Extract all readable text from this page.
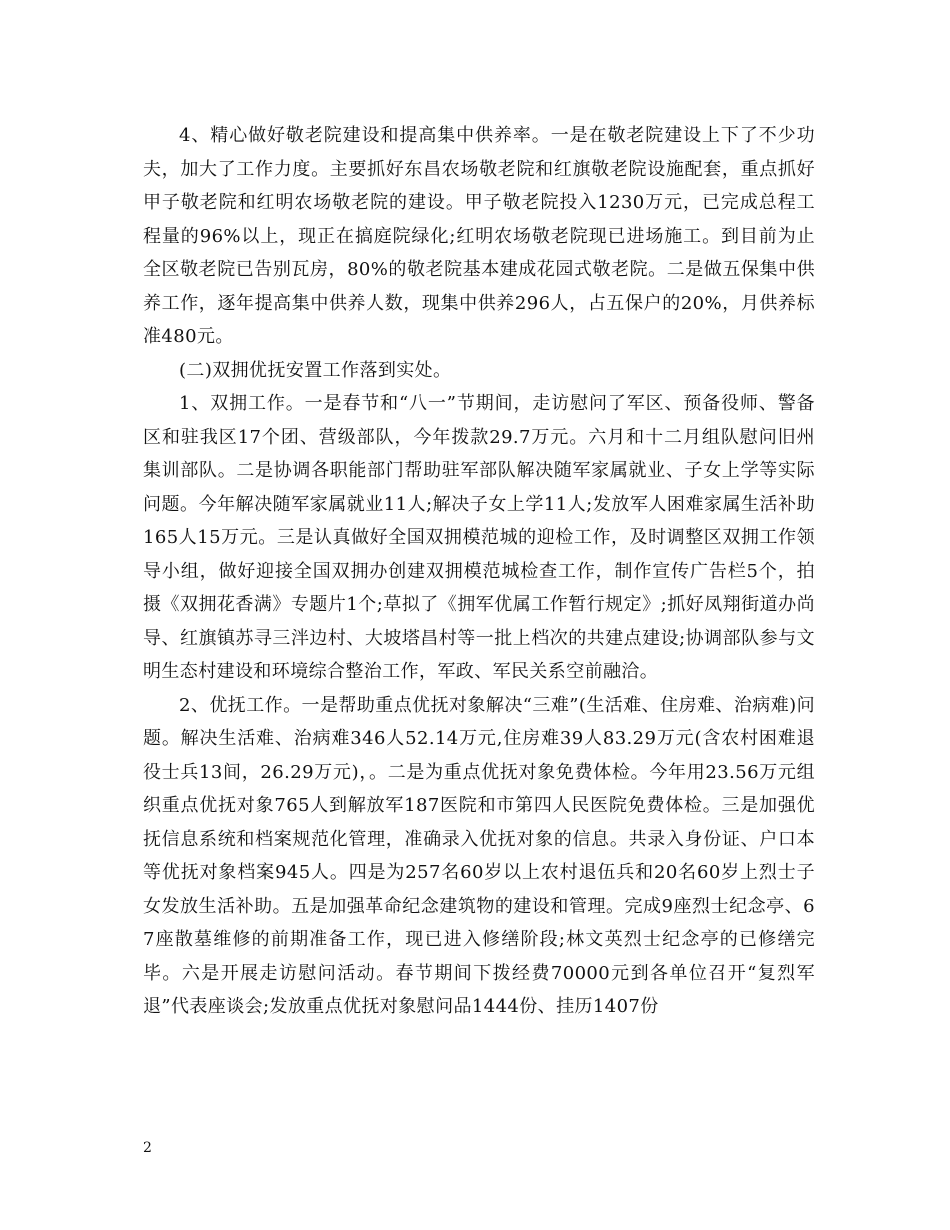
4、精心做好敬老院建设和提高集中供养率。一是在敬老院建设上下了不少功夫，加大了工作力度。主要抓好东昌农场敬老院和红旗敬老院设施配套，重点抓好甲子敬老院和红明农场敬老院的建设。甲子敬老院投入1230万元，已完成总程工程量的96%以上，现正在搞庭院绿化;红明农场敬老院现已进场施工。到目前为止全区敬老院已告别瓦房，80%的敬老院基本建成花园式敬老院。二是做五保集中供养工作，逐年提高集中供养人数，现集中供养296人，占五保户的20%，月供养标准480元。

(二)双拥优抚安置工作落到实处。

1、双拥工作。一是春节和“八一”节期间，走访慰问了军区、预备役师、警备区和驻我区17个团、营级部队，今年拨款29.7万元。六月和十二月组队慰问旧州集训部队。二是协调各职能部门帮助驻军部队解决随军家属就业、子女上学等实际问题。今年解决随军家属就业11人;解决子女上学11人;发放军人困难家属生活补助165人15万元。三是认真做好全国双拥模范城的迎检工作，及时调整区双拥工作领导小组，做好迎接全国双拥办创建双拥模范城检查工作，制作宣传广告栏5个，拍摄《双拥花香满》专题片1个;草拟了《拥军优属工作暂行规定》;抓好凤翔街道办尚导、红旗镇苏寻三泮边村、大坡塔昌村等一批上档次的共建点建设;协调部队参与文明生态村建设和环境综合整治工作，军政、军民关系空前融洽。

2、优抚工作。一是帮助重点优抚对象解决“三难”(生活难、住房难、治病难)问题。解决生活难、治病难346人52.14万元,住房难39人83.29万元(含农村困难退役士兵13间，26.29万元)，。二是为重点优抚对象免费体检。今年用23.56万元组织重点优抚对象765人到解放军187医院和市第四人民医院免费体检。三是加强优抚信息系统和档案规范化管理，准确录入优抚对象的信息。共录入身份证、户口本等优抚对象档案945人。四是为257名60岁以上农村退伍兵和20名60岁上烈士子女发放生活补助。五是加强革命纪念建筑物的建设和管理。完成9座烈士纪念亭、67座散墓维修的前期准备工作，现已进入修缮阶段;林文英烈士纪念亭的已修缮完毕。六是开展走访慰问活动。春节期间下拨经费70000元到各单位召开“复烈军退”代表座谈会;发放重点优抚对象慰问品1444份、挂历1407份

2
